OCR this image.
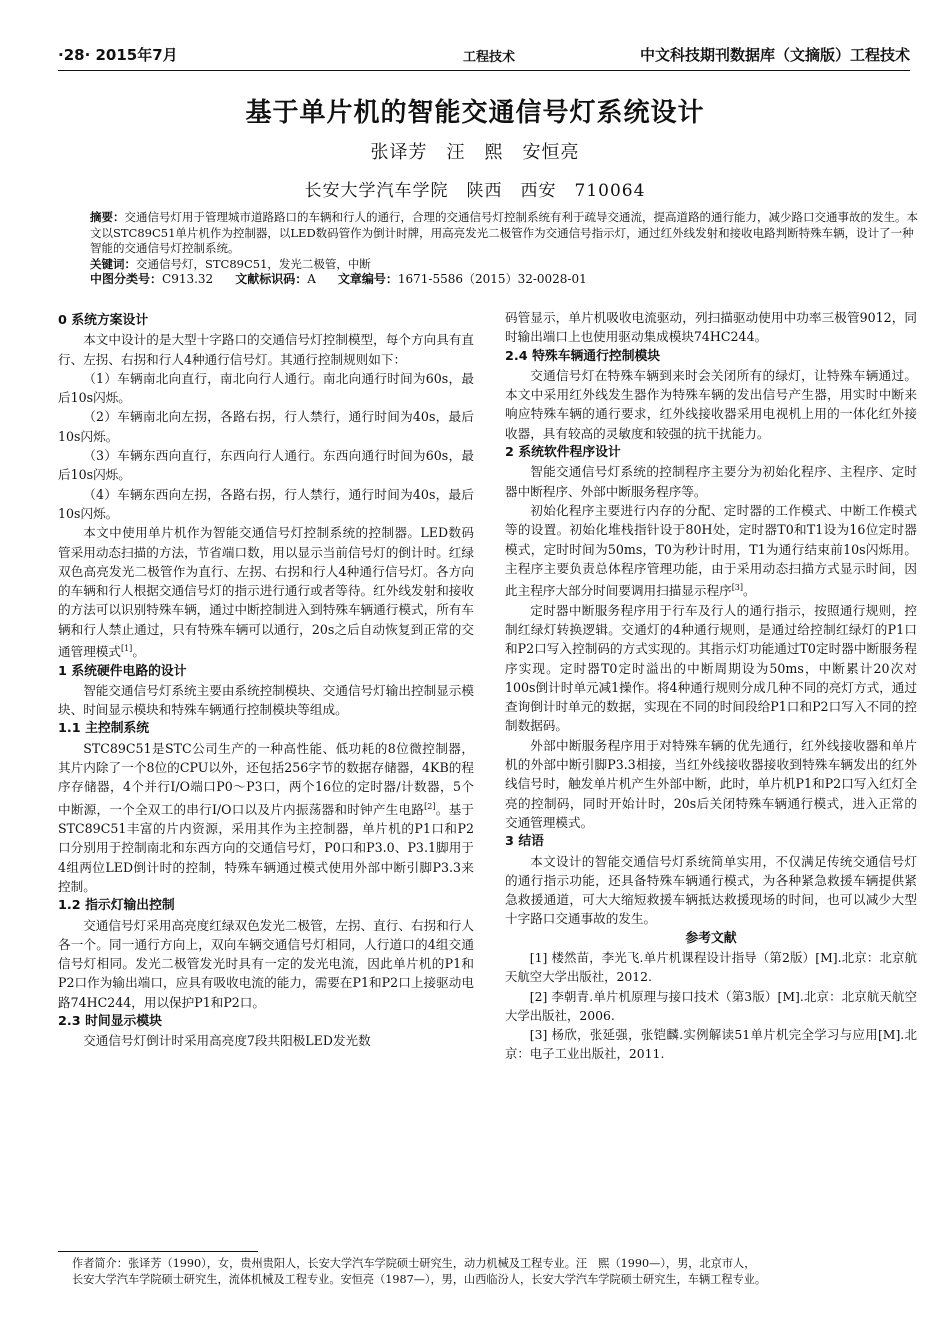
·28· 2015年7月	工程技术	中文科技期刊数据库（文摘版）工程技术
基于单片机的智能交通信号灯系统设计
张译芳　汪　熙　安恒亮
长安大学汽车学院　陕西　西安　710064

摘要：交通信号灯用于管理城市道路路口的车辆和行人的通行，合理的交通信号灯控制系统有利于疏导交通流，提高道路的通行能力，减少路口交通事故的发生。本文以STC89C51单片机作为控制器，以LED数码管作为倒计时牌，用高亮发光二极管作为交通信号指示灯，通过红外线发射和接收电路判断特殊车辆，设计了一种智能的交通信号灯控制系统。

关键词：交通信号灯，STC89C51，发光二极管，中断

中图分类号：C913.32 文献标识码：A 文章编号：1671-5586（2015）32-0028-01
0 系统方案设计

本文中设计的是大型十字路口的交通信号灯控制模型，每个方向具有直行、左拐、右拐和行人4种通行信号灯。其通行控制规则如下：

（1）车辆南北向直行，南北向行人通行。南北向通行时间为60s，最后10s闪烁。

（2）车辆南北向左拐，各路右拐，行人禁行，通行时间为40s，最后10s闪烁。

（3）车辆东西向直行，东西向行人通行。东西向通行时间为60s，最后10s闪烁。

（4）车辆东西向左拐，各路右拐，行人禁行，通行时间为40s，最后10s闪烁。

本文中使用单片机作为智能交通信号灯控制系统的控制器。LED数码管采用动态扫描的方法，节省端口数，用以显示当前信号灯的倒计时。红绿双色高亮发光二极管作为直行、左拐、右拐和行人4种通行信号灯。各方向的车辆和行人根据交通信号灯的指示进行通行或者等待。红外线发射和接收的方法可以识别特殊车辆，通过中断控制进入到特殊车辆通行模式，所有车辆和行人禁止通过，只有特殊车辆可以通行，20s之后自动恢复到正常的交通管理模式[1]。

1 系统硬件电路的设计

智能交通信号灯系统主要由系统控制模块、交通信号灯输出控制显示模块、时间显示模块和特殊车辆通行控制模块等组成。

1.1 主控制系统

STC89C51是STC公司生产的一种高性能、低功耗的8位微控制器，其片内除了一个8位的CPU以外，还包括256字节的数据存储器，4KB的程序存储器，4个并行I/O端口P0～P3口，两个16位的定时器/计数器，5个中断源，一个全双工的串行I/O口以及片内振荡器和时钟产生电路[2]。基于STC89C51丰富的片内资源，采用其作为主控制器，单片机的P1口和P2口分别用于控制南北和东西方向的交通信号灯，P0口和P3.0、P3.1脚用于4组两位LED倒计时的控制，特殊车辆通过模式使用外部中断引脚P3.3来控制。

1.2 指示灯输出控制

交通信号灯采用高亮度红绿双色发光二极管，左拐、直行、右拐和行人各一个。同一通行方向上，双向车辆交通信号灯相同，人行道口的4组交通信号灯相同。发光二极管发光时具有一定的发光电流，因此单片机的P1和P2口作为输出端口，应具有吸收电流的能力，需要在P1和P2口上接驱动电路74HC244，用以保护P1和P2口。

2.3 时间显示模块

交通信号灯倒计时采用高亮度7段共阳极LED发光数

码管显示，单片机吸收电流驱动，列扫描驱动使用中功率三极管9012，同时输出端口上也使用驱动集成模块74HC244。

2.4 特殊车辆通行控制模块

交通信号灯在特殊车辆到来时会关闭所有的绿灯，让特殊车辆通过。本文中采用红外线发生器作为特殊车辆的发出信号产生器，用实时中断来响应特殊车辆的通行要求，红外线接收器采用电视机上用的一体化红外接收器，具有较高的灵敏度和较强的抗干扰能力。

2 系统软件程序设计

智能交通信号灯系统的控制程序主要分为初始化程序、主程序、定时器中断程序、外部中断服务程序等。

初始化程序主要进行内存的分配、定时器的工作模式、中断工作模式等的设置。初始化堆栈指针设于80H处，定时器T0和T1设为16位定时器模式，定时时间为50ms，T0为秒计时用，T1为通行结束前10s闪烁用。主程序主要负责总体程序管理功能，由于采用动态扫描方式显示时间，因此主程序大部分时间要调用扫描显示程序[3]。

定时器中断服务程序用于行车及行人的通行指示，按照通行规则，控制红绿灯转换逻辑。交通灯的4种通行规则，是通过给控制红绿灯的P1口和P2口写入控制码的方式实现的。其指示灯功能通过T0定时器中断服务程序实现。定时器T0定时溢出的中断周期设为50ms，中断累计20次对100s倒计时单元减1操作。将4种通行规则分成几种不同的亮灯方式，通过查询倒计时单元的数据，实现在不同的时间段给P1口和P2口写入不同的控制数据码。

外部中断服务程序用于对特殊车辆的优先通行，红外线接收器和单片机的外部中断引脚P3.3相接，当红外线接收器接收到特殊车辆发出的红外线信号时，触发单片机产生外部中断，此时，单片机P1和P2口写入红灯全亮的控制码，同时开始计时，20s后关闭特殊车辆通行模式，进入正常的交通管理模式。

3 结语

本文设计的智能交通信号灯系统简单实用，不仅满足传统交通信号灯的通行指示功能，还具备特殊车辆通行模式，为各种紧急救援车辆提供紧急救援通道，可大大缩短救援车辆抵达救援现场的时间，也可以减少大型十字路口交通事故的发生。

参考文献

[1] 楼然苗，李光飞.单片机课程设计指导（第2版）[M].北京：北京航天航空大学出版社，2012.

[2] 李朝青.单片机原理与接口技术（第3版）[M].北京：北京航天航空大学出版社，2006.

[3] 杨欣，张延强，张铠麟.实例解读51单片机完全学习与应用[M].北京：电子工业出版社，2011.

作者简介：张译芳（1990），女，贵州贵阳人，长安大学汽车学院硕士研究生，动力机械及工程专业。汪　熙（1990—），男，北京市人，

长安大学汽车学院硕士研究生，流体机械及工程专业。安恒亮（1987—），男，山西临汾人，长安大学汽车学院硕士研究生，车辆工程专业。
